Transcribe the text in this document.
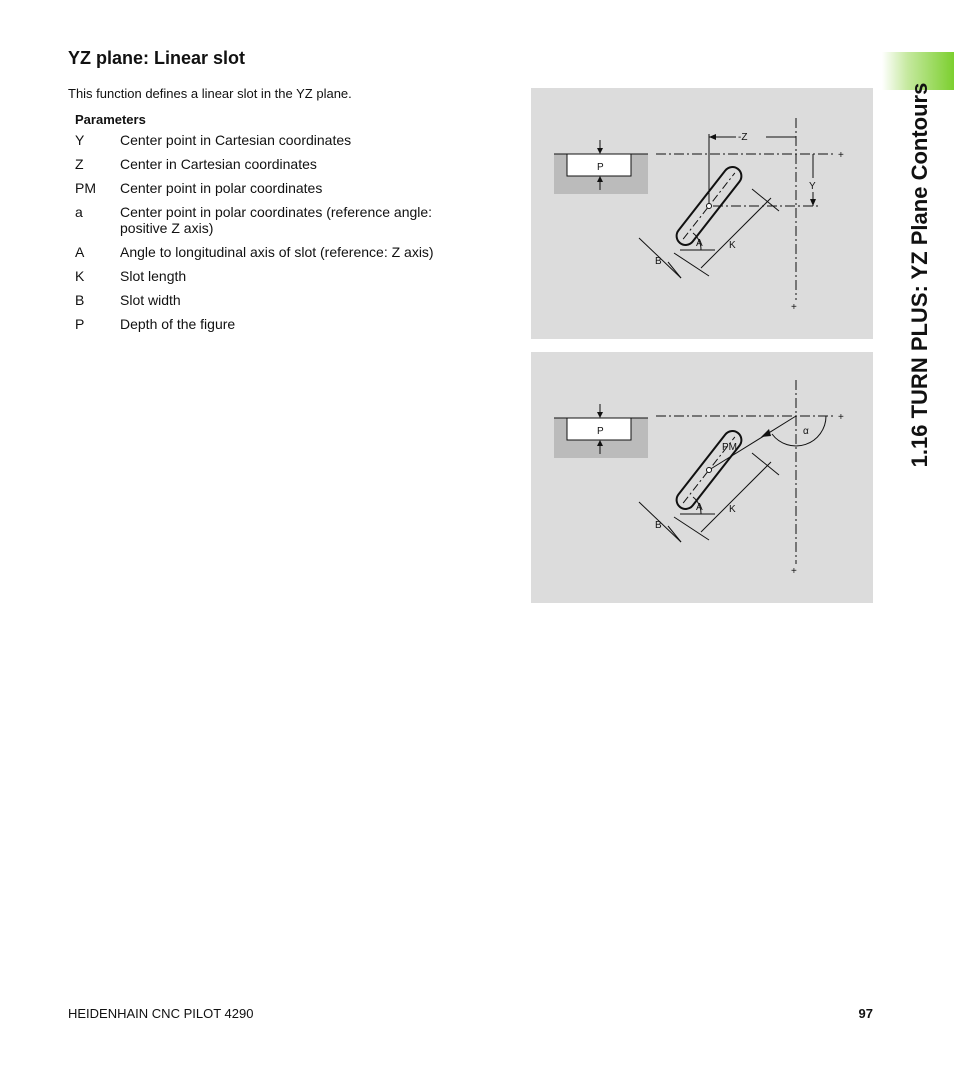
YZ plane: Linear slot

This function defines a linear slot in the YZ plane.

Parameters
Y	Center point in Cartesian coordinates
Z	Center in Cartesian coordinates
PM	Center point in polar coordinates
a	Center point in polar coordinates (reference angle: positive Z axis)
A	Angle to longitudinal axis of slot (reference: Z axis)
K	Slot length
B	Slot width
P	Depth of the figure
P
+
+
-Z
Y
A	K
B
P
+
+
PM
α
A	K
B
1.16 TURN PLUS: YZ Plane Contours
HEIDENHAIN CNC PILOT 4290	97
